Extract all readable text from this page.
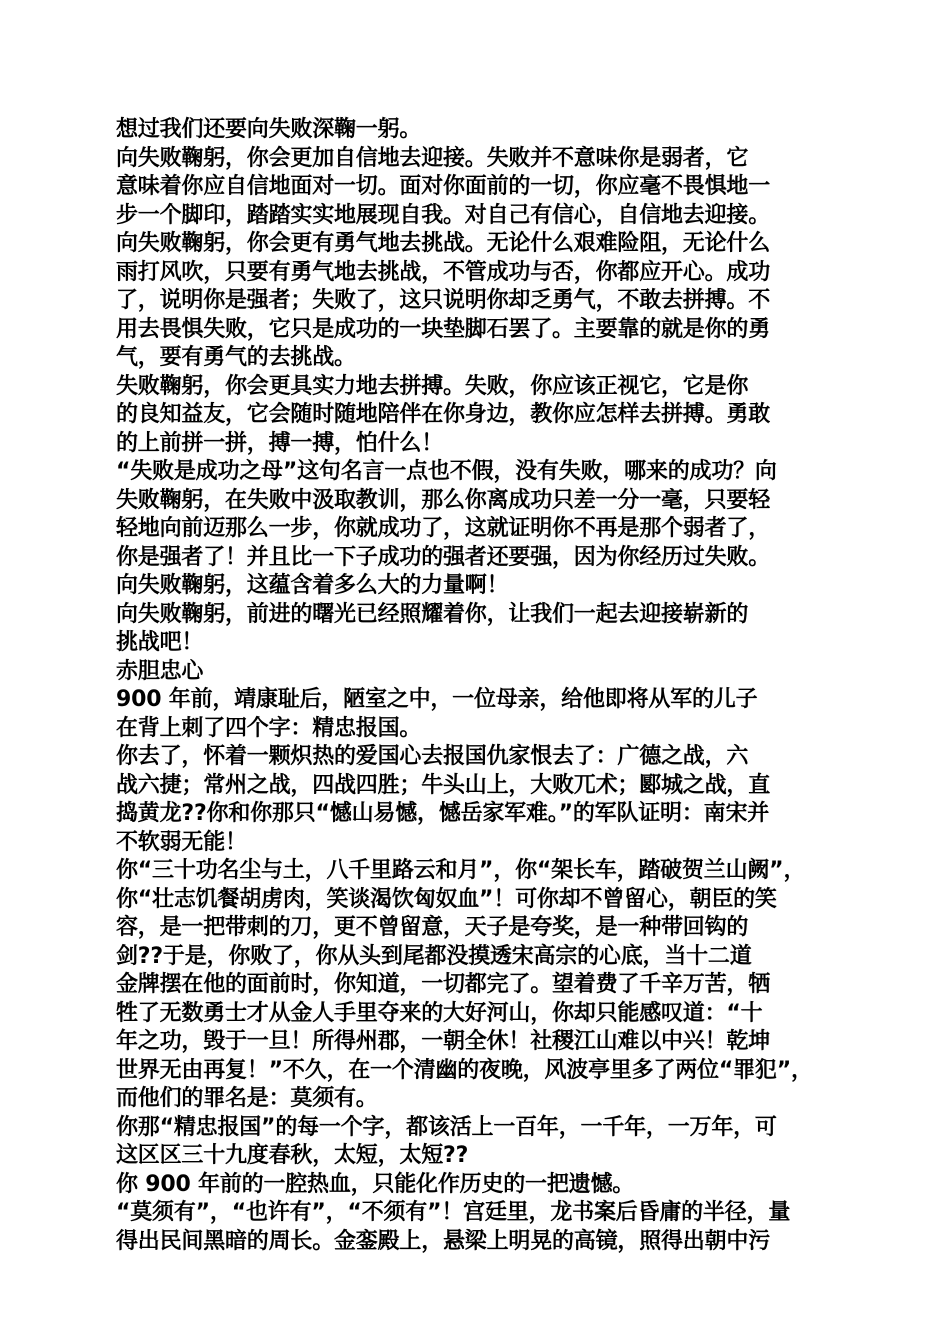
想过我们还要向失败深鞠一躬。
向失败鞠躬，你会更加自信地去迎接。失败并不意味你是弱者，它
意味着你应自信地面对一切。面对你面前的一切，你应毫不畏惧地一
步一个脚印，踏踏实实地展现自我。对自己有信心，自信地去迎接。
向失败鞠躬，你会更有勇气地去挑战。无论什么艰难险阻，无论什么
雨打风吹，只要有勇气地去挑战，不管成功与否，你都应开心。成功
了，说明你是强者；失败了，这只说明你却乏勇气，不敢去拼搏。不
用去畏惧失败，它只是成功的一块垫脚石罢了。主要靠的就是你的勇
气，要有勇气的去挑战。
失败鞠躬，你会更具实力地去拼搏。失败，你应该正视它，它是你
的良知益友，它会随时随地陪伴在你身边，教你应怎样去拼搏。勇敢
的上前拼一拼，搏一搏，怕什么！
“失败是成功之母”这句名言一点也不假，没有失败，哪来的成功？向
失败鞠躬，在失败中汲取教训，那么你离成功只差一分一毫，只要轻
轻地向前迈那么一步，你就成功了，这就证明你不再是那个弱者了，
你是强者了！并且比一下子成功的强者还要强，因为你经历过失败。
向失败鞠躬，这蕴含着多么大的力量啊！
向失败鞠躬，前进的曙光已经照耀着你，让我们一起去迎接崭新的
挑战吧！
赤胆忠心
900 年前，靖康耻后，陋室之中，一位母亲，给他即将从军的儿子
在背上刺了四个字：精忠报国。
你去了，怀着一颗炽热的爱国心去报国仇家恨去了：广德之战，六
战六捷；常州之战，四战四胜；牛头山上，大败兀术；郾城之战，直
捣黄龙??你和你那只“憾山易憾，憾岳家军难。”的军队证明：南宋并
不软弱无能！
你“三十功名尘与土，八千里路云和月”，你“架长车，踏破贺兰山阙”，
你“壮志饥餐胡虏肉，笑谈渴饮匈奴血”！可你却不曾留心，朝臣的笑
容，是一把带刺的刀，更不曾留意，天子是夸奖，是一种带回钩的
剑??于是，你败了，你从头到尾都没摸透宋高宗的心底，当十二道
金牌摆在他的面前时，你知道，一切都完了。望着费了千辛万苦，牺
牲了无数勇士才从金人手里夺来的大好河山，你却只能感叹道：“十
年之功，毁于一旦！所得州郡，一朝全休！社稷江山难以中兴！乾坤
世界无由再复！”不久，在一个清幽的夜晚，风波亭里多了两位“罪犯”，
而他们的罪名是：莫须有。
你那“精忠报国”的每一个字，都该活上一百年，一千年，一万年，可
这区区三十九度春秋，太短，太短??
你 900 年前的一腔热血，只能化作历史的一把遗憾。
“莫须有”，“也许有”，“不须有”！宫廷里，龙书案后昏庸的半径，量
得出民间黑暗的周长。金銮殿上，悬梁上明晃的高镜，照得出朝中污
